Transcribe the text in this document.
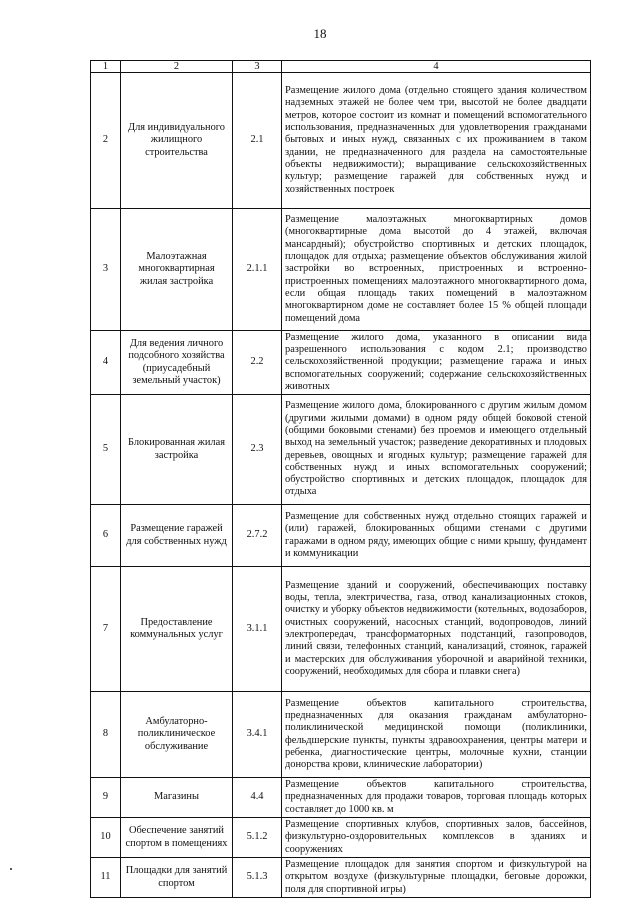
18
1	2	3	4
2	Для индивидуального жилищного строительства	2.1	Размещение жилого дома (отдельно стоящего здания количеством надземных этажей не более чем три, высотой не более двадцати метров, которое состоит из комнат и помещений вспомогательного использования, предназначенных для удовлетворения гражданами бытовых и иных нужд, связанных с их проживанием в таком здании, не предназначенного для раздела на самостоятельные объекты недвижимости); выращивание сельскохозяйственных культур; размещение гаражей для собственных нужд и хозяйственных построек
3	Малоэтажная многоквартирная жилая застройка	2.1.1	Размещение малоэтажных многоквартирных домов (многоквартирные дома высотой до 4 этажей, включая мансардный); обустройство спортивных и детских площадок, площадок для отдыха; размещение объектов обслуживания жилой застройки во встроенных, пристроенных и встроенно-пристроенных помещениях малоэтажного многоквартирного дома, если общая площадь таких помещений в малоэтажном многоквартирном доме не составляет более 15 % общей площади помещений дома
4	Для ведения личного подсобного хозяйства (приусадебный земельный участок)	2.2	Размещение жилого дома, указанного в описании вида разрешенного использования с кодом 2.1; производство сельскохозяйственной продукции; размещение гаража и иных вспомогательных сооружений; содержание сельскохозяйственных животных
5	Блокированная жилая застройка	2.3	Размещение жилого дома, блокированного с другим жилым домом (другими жилыми домами) в одном ряду общей боковой стеной (общими боковыми стенами) без проемов и имеющего отдельный выход на земельный участок; разведение декоративных и плодовых деревьев, овощных и ягодных культур; размещение гаражей для собственных нужд и иных вспомогательных сооружений; обустройство спортивных и детских площадок, площадок для отдыха
6	Размещение гаражей для собственных нужд	2.7.2	Размещение для собственных нужд отдельно стоящих гаражей и (или) гаражей, блокированных общими стенами с другими гаражами в одном ряду, имеющих общие с ними крышу, фундамент и коммуникации
7	Предоставление коммунальных услуг	3.1.1	Размещение зданий и сооружений, обеспечивающих поставку воды, тепла, электричества, газа, отвод канализационных стоков, очистку и уборку объектов недвижимости (котельных, водозаборов, очистных сооружений, насосных станций, водопроводов, линий электропередач, трансформаторных подстанций, газопроводов, линий связи, телефонных станций, канализаций, стоянок, гаражей и мастерских для обслуживания уборочной и аварийной техники, сооружений, необходимых для сбора и плавки снега)
8	Амбулаторно-поликлиническое обслуживание	3.4.1	Размещение объектов капитального строительства, предназначенных для оказания гражданам амбулаторно-поликлинической медицинской помощи (поликлиники, фельдшерские пункты, пункты здравоохранения, центры матери и ребенка, диагностические центры, молочные кухни, станции донорства крови, клинические лаборатории)
9	Магазины	4.4	Размещение объектов капитального строительства, предназначенных для продажи товаров, торговая площадь которых составляет до 1000 кв. м
10	Обеспечение занятий спортом в помещениях	5.1.2	Размещение спортивных клубов, спортивных залов, бассейнов, физкультурно-оздоровительных комплексов в зданиях и сооружениях
11	Площадки для занятий спортом	5.1.3	Размещение площадок для занятия спортом и физкультурой на открытом воздухе (физкультурные площадки, беговые дорожки, поля для спортивной игры)
